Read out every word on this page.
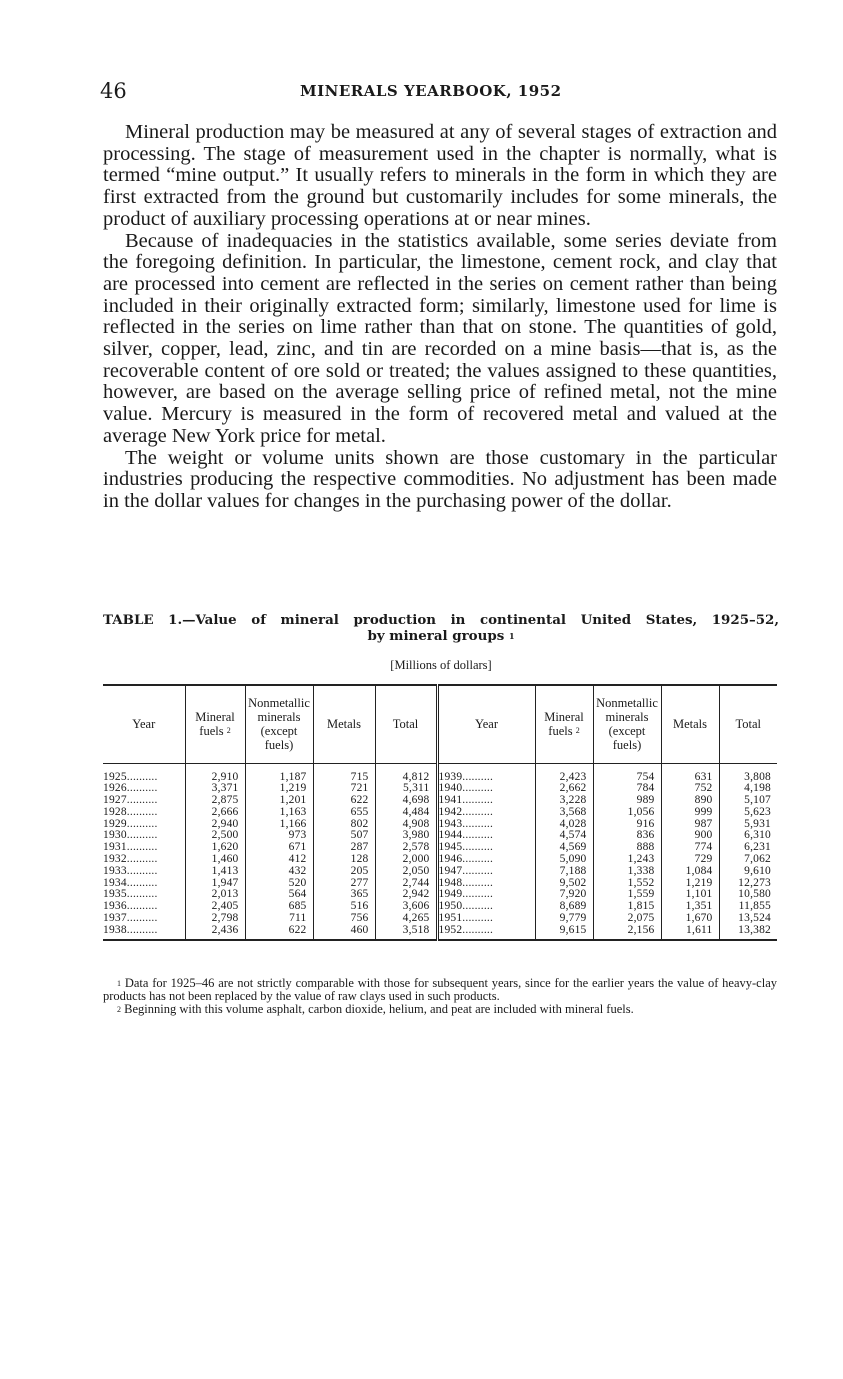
46	MINERALS YEARBOOK, 1952

Mineral production may be measured at any of several stages of extraction and processing. The stage of measurement used in the chapter is normally, what is termed “mine output.” It usually refers to minerals in the form in which they are first extracted from the ground but customarily includes for some minerals, the product of auxiliary processing operations at or near mines.

Because of inadequacies in the statistics available, some series deviate from the foregoing definition. In particular, the limestone, cement rock, and clay that are processed into cement are reflected in the series on cement rather than being included in their originally extracted form; similarly, limestone used for lime is reflected in the series on lime rather than that on stone. The quantities of gold, silver, copper, lead, zinc, and tin are recorded on a mine basis—that is, as the recoverable content of ore sold or treated; the values assigned to these quantities, however, are based on the average selling price of refined metal, not the mine value. Mercury is measured in the form of recovered metal and valued at the average New York price for metal.

The weight or volume units shown are those customary in the particular industries producing the respective commodities. No adjustment has been made in the dollar values for changes in the purchasing power of the dollar.

TABLE 1.—Value of mineral production in continental United States, 1925–52,
by mineral groups $^1$
[Millions of dollars]
Year	Mineral fuels $^2$	Nonmetallic minerals (except fuels)	Metals	Total	Year	Mineral fuels $^2$	Nonmetallic minerals (except fuels)	Metals	Total
1925..........	2,910	1,187	715	4,812	1939..........	2,423	754	631	3,808
1926..........	3,371	1,219	721	5,311	1940..........	2,662	784	752	4,198
1927..........	2,875	1,201	622	4,698	1941..........	3,228	989	890	5,107
1928..........	2,666	1,163	655	4,484	1942..........	3,568	1,056	999	5,623
1929..........	2,940	1,166	802	4,908	1943..........	4,028	916	987	5,931
1930..........	2,500	973	507	3,980	1944..........	4,574	836	900	6,310
1931..........	1,620	671	287	2,578	1945..........	4,569	888	774	6,231
1932..........	1,460	412	128	2,000	1946..........	5,090	1,243	729	7,062
1933..........	1,413	432	205	2,050	1947..........	7,188	1,338	1,084	9,610
1934..........	1,947	520	277	2,744	1948..........	9,502	1,552	1,219	12,273
1935..........	2,013	564	365	2,942	1949..........	7,920	1,559	1,101	10,580
1936..........	2,405	685	516	3,606	1950..........	8,689	1,815	1,351	11,855
1937..........	2,798	711	756	4,265	1951..........	9,779	2,075	1,670	13,524
1938..........	2,436	622	460	3,518	1952..........	9,615	2,156	1,611	13,382

$^1$ Data for 1925–46 are not strictly comparable with those for subsequent years, since for the earlier years the value of heavy-clay products has not been replaced by the value of raw clays used in such products.

$^2$ Beginning with this volume asphalt, carbon dioxide, helium, and peat are included with mineral fuels.
